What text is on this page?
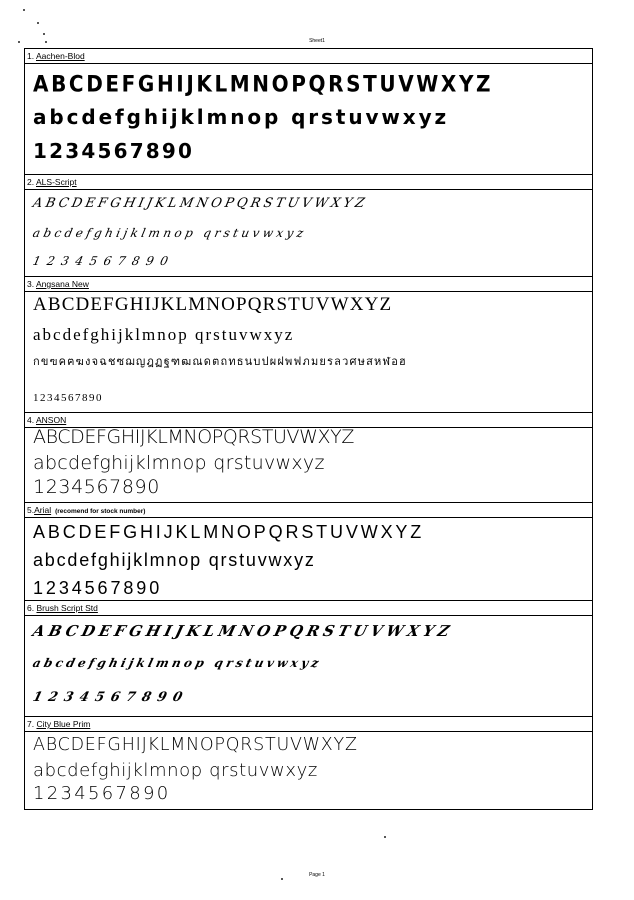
Sheet1
1. Aachen-Blod
ABCDEFGHIJKLMNOPQRSTUVWXYZ
abcdefghijklmnop qrstuvwxyz
1234567890
2. ALS-Script
ABCDEFGHIJKLMNOPQRSTUVWXYZ
abcdefghijklmnop qrstuvwxyz
1234567890
3. Angsana New
ABCDEFGHIJKLMNOPQRSTUVWXYZ
abcdefghijklmnop qrstuvwxyz
กขฃคฅฆงจฉชซฌญฎฏฐฑฒณดตถทธนบปผฝพฟภมยรลวศษสหฬอฮ
1234567890
4. ANSON
ABCDEFGHIJKLMNOPQRSTUVWXYZ
abcdefghijklmnop qrstuvwxyz
1234567890
5.Arial (recomend for stock number)
ABCDEFGHIJKLMNOPQRSTUVWXYZ
abcdefghijklmnop qrstuvwxyz
1234567890
6. Brush Script Std
ABCDEFGHIJKLMNOPQRSTUVWXYZ
abcdefghijklmnop qrstuvwxyz
1234567890
7. City Blue Prim
ABCDEFGHIJKLMNOPQRSTUVWXYZ
abcdefghijklmnop qrstuvwxyz
1234567890
Page 1
